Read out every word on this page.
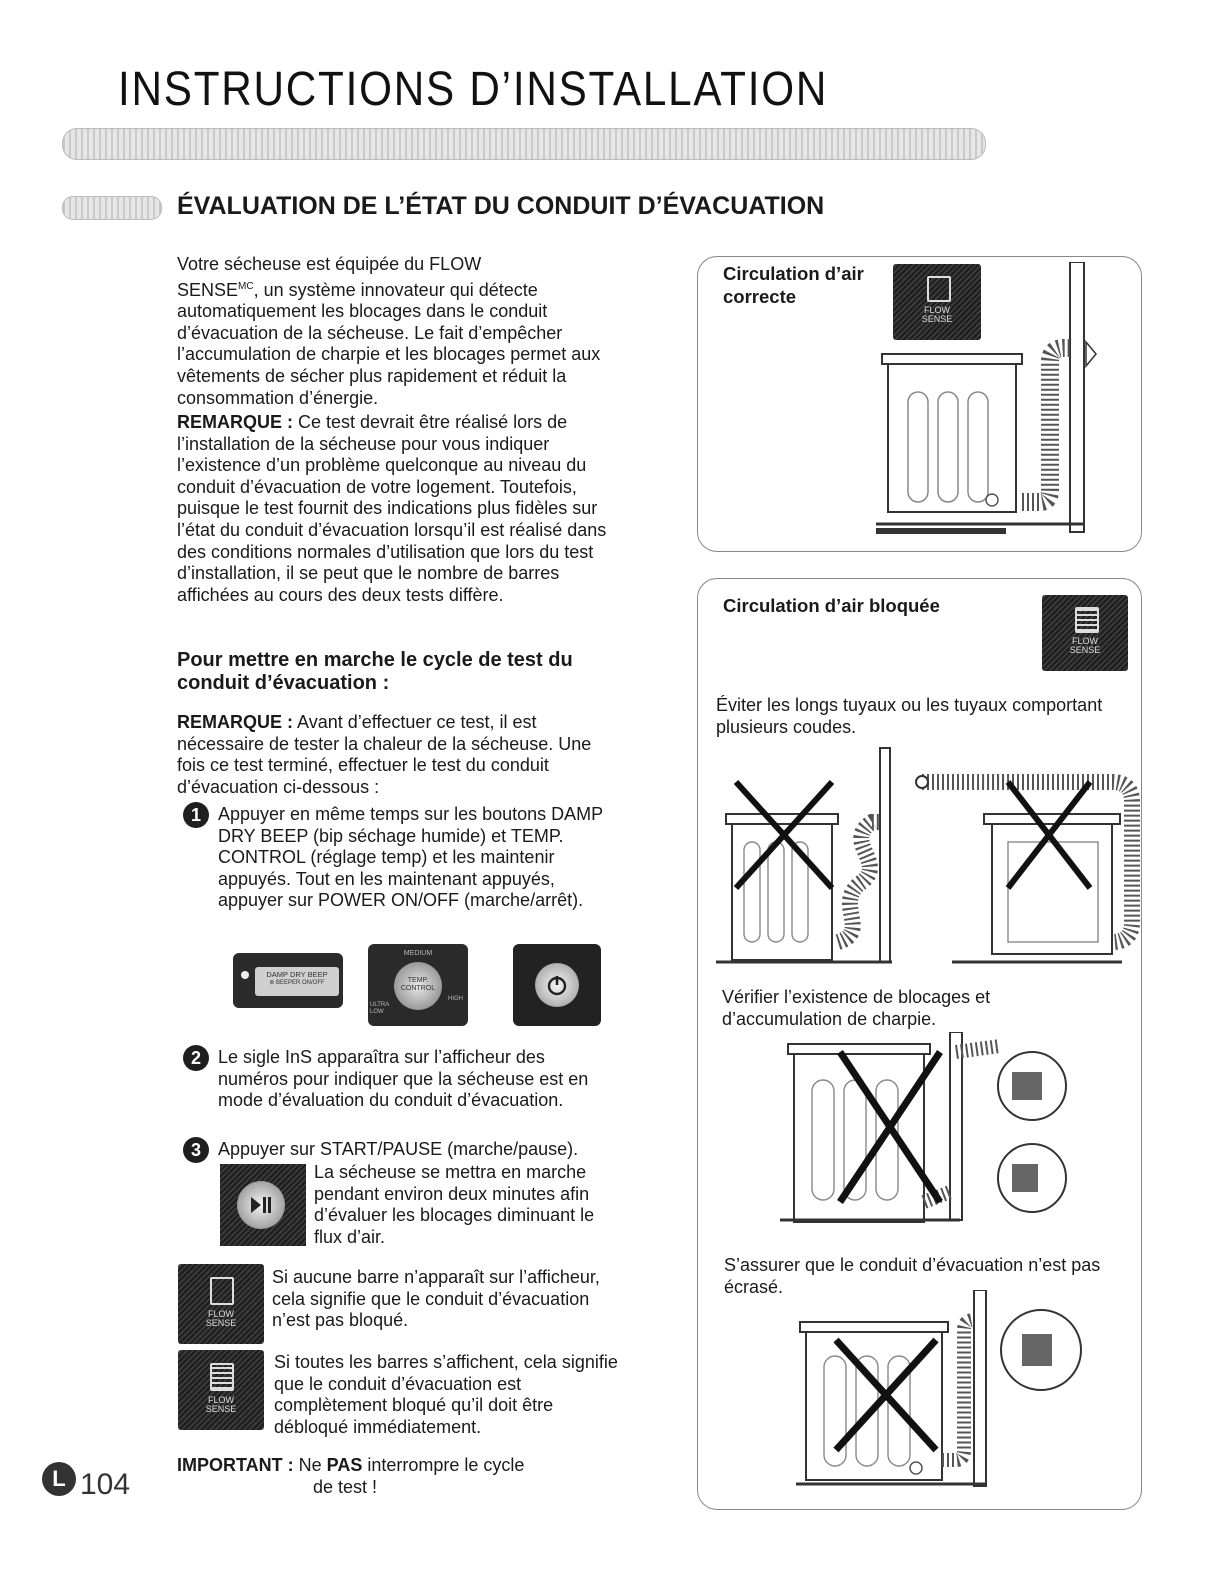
INSTRUCTIONS D’INSTALLATION
ÉVALUATION DE L’ÉTAT DU CONDUIT D’ÉVACUATION
Votre sécheuse est équipée du FLOW
$SENSE^{MC}$, un système innovateur qui détecte
automatiquement les blocages dans le conduit d’évacuation de la sécheuse. Le fait d’empêcher l’accumulation de charpie et les blocages permet aux vêtements de sécher plus rapidement et réduit la consommation d’énergie.
REMARQUE : Ce test devrait être réalisé lors de l’installation de la sécheuse pour vous indiquer l’existence d’un problème quelconque au niveau du conduit d’évacuation de votre logement. Toutefois, puisque le test fournit des indications plus fidèles sur l’état du conduit d’évacuation lorsqu’il est réalisé dans des conditions normales d’utilisation que lors du test d’installation, il se peut que le nombre de barres affichées au cours des deux tests diffère.
Pour mettre en marche le cycle de test du conduit d’évacuation :
REMARQUE : Avant d’effectuer ce test, il est nécessaire de tester la chaleur de la sécheuse. Une fois ce test terminé, effectuer le test du conduit d’évacuation ci-dessous :
1 Appuyer en même temps sur les boutons DAMP DRY BEEP (bip séchage humide) et TEMP. CONTROL (réglage temp) et les maintenir appuyés. Tout en les maintenant appuyés, appuyer sur POWER ON/OFF (marche/arrêt).
DAMP DRY BEEP
⊛ BEEPER ON/OFF
MEDIUM
TEMP.
CONTROL
ULTRA
LOW
HIGH
2 Le sigle InS apparaîtra sur l’afficheur des numéros pour indiquer que la sécheuse est en mode d’évaluation du conduit d’évacuation.
3 Appuyer sur START/PAUSE (marche/pause).
La sécheuse se mettra en marche pendant environ deux minutes afin d’évaluer les blocages diminuant le flux d’air.
FLOW
SENSE
Si aucune barre n’apparaît sur l’afficheur, cela signifie que le conduit d’évacuation n’est pas bloqué.
FLOW
SENSE
Si toutes les barres s’affichent, cela signifie que le conduit d’évacuation est complètement bloqué qu’il doit être débloqué immédiatement.
IMPORTANT : Ne PAS interrompre le cycle
de test !
L 104
Circulation d’air
correcte
FLOW
SENSE
Circulation d’air bloquée
FLOW
SENSE
Éviter les longs tuyaux ou les tuyaux comportant plusieurs coudes.
Vérifier l’existence de blocages et d’accumulation de charpie.
S’assurer que le conduit d’évacuation n’est pas écrasé.
